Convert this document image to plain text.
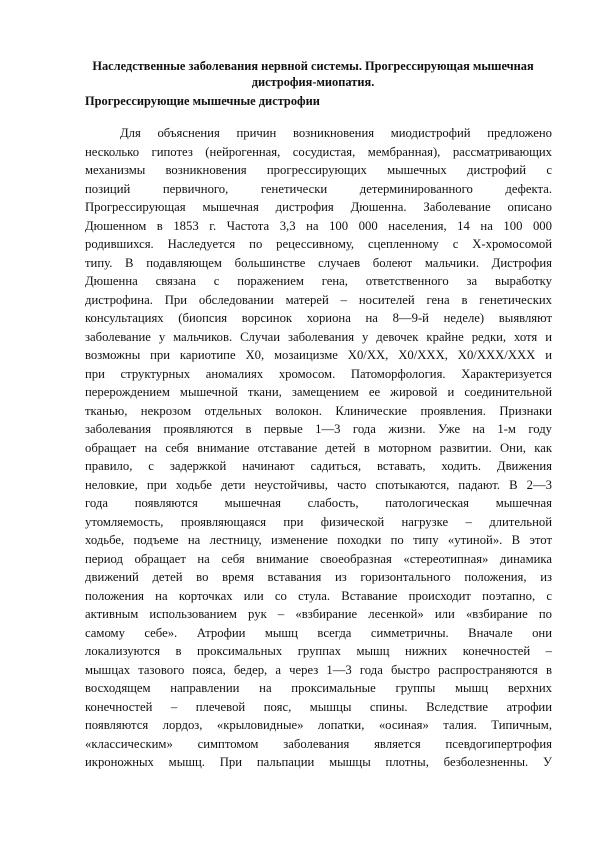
Наследственные заболевания нервной системы. Прогрессирующая мышечная дистрофия-миопатия.
Прогрессирующие мышечные дистрофии
Для объяснения причин возникновения миодистрофий предложено
несколько гипотез (нейрогенная, сосудистая, мембранная), рассматривающих
механизмы возникновения прогрессирующих мышечных дистрофий с
позиций первичного, генетически детерминированного дефекта.
Прогрессирующая мышечная дистрофия Дюшенна. Заболевание описано
Дюшенном в 1853 г. Частота 3,3 на 100 000 населения, 14 на 100 000
родившихся. Наследуется по рецессивному, сцепленному с Х-хромосомой
типу. В подавляющем большинстве случаев болеют мальчики. Дистрофия
Дюшенна связана с поражением гена, ответственного за выработку
дистрофина. При обследовании матерей – носителей гена в генетических
консультациях (биопсия ворсинок хориона на 8—9-й неделе) выявляют
заболевание у мальчиков. Случаи заболевания у девочек крайне редки, хотя и
возможны при кариотипе Х0, мозаицизме Х0/ХХ, Х0/ХХХ, Х0/ХХХ/ХХХ и
при структурных аномалиях хромосом. Патоморфология. Характеризуется
перерождением мышечной ткани, замещением ее жировой и соединительной
тканью, некрозом отдельных волокон. Клинические проявления. Признаки
заболевания проявляются в первые 1—3 года жизни. Уже на 1-м году
обращает на себя внимание отставание детей в моторном развитии. Они, как
правило, с задержкой начинают садиться, вставать, ходить. Движения
неловкие, при ходьбе дети неустойчивы, часто спотыкаются, падают. В 2—3
года появляются мышечная слабость, патологическая мышечная
утомляемость, проявляющаяся при физической нагрузке – длительной
ходьбе, подъеме на лестницу, изменение походки по типу «утиной». В этот
период обращает на себя внимание своеобразная «стереотипная» динамика
движений детей во время вставания из горизонтального положения, из
положения на корточках или со стула. Вставание происходит поэтапно, с
активным использованием рук – «взбирание лесенкой» или «взбирание по
самому себе». Атрофии мышц всегда симметричны. Вначале они
локализуются в проксимальных группах мышц нижних конечностей –
мышцах тазового пояса, бедер, а через 1—3 года быстро распространяются в
восходящем направлении на проксимальные группы мышц верхних
конечностей – плечевой пояс, мышцы спины. Вследствие атрофии
появляются лордоз, «крыловидные» лопатки, «осиная» талия. Типичным,
«классическим» симптомом заболевания является псевдогипертрофия
икроножных мышц. При пальпации мышцы плотны, безболезненны. У
